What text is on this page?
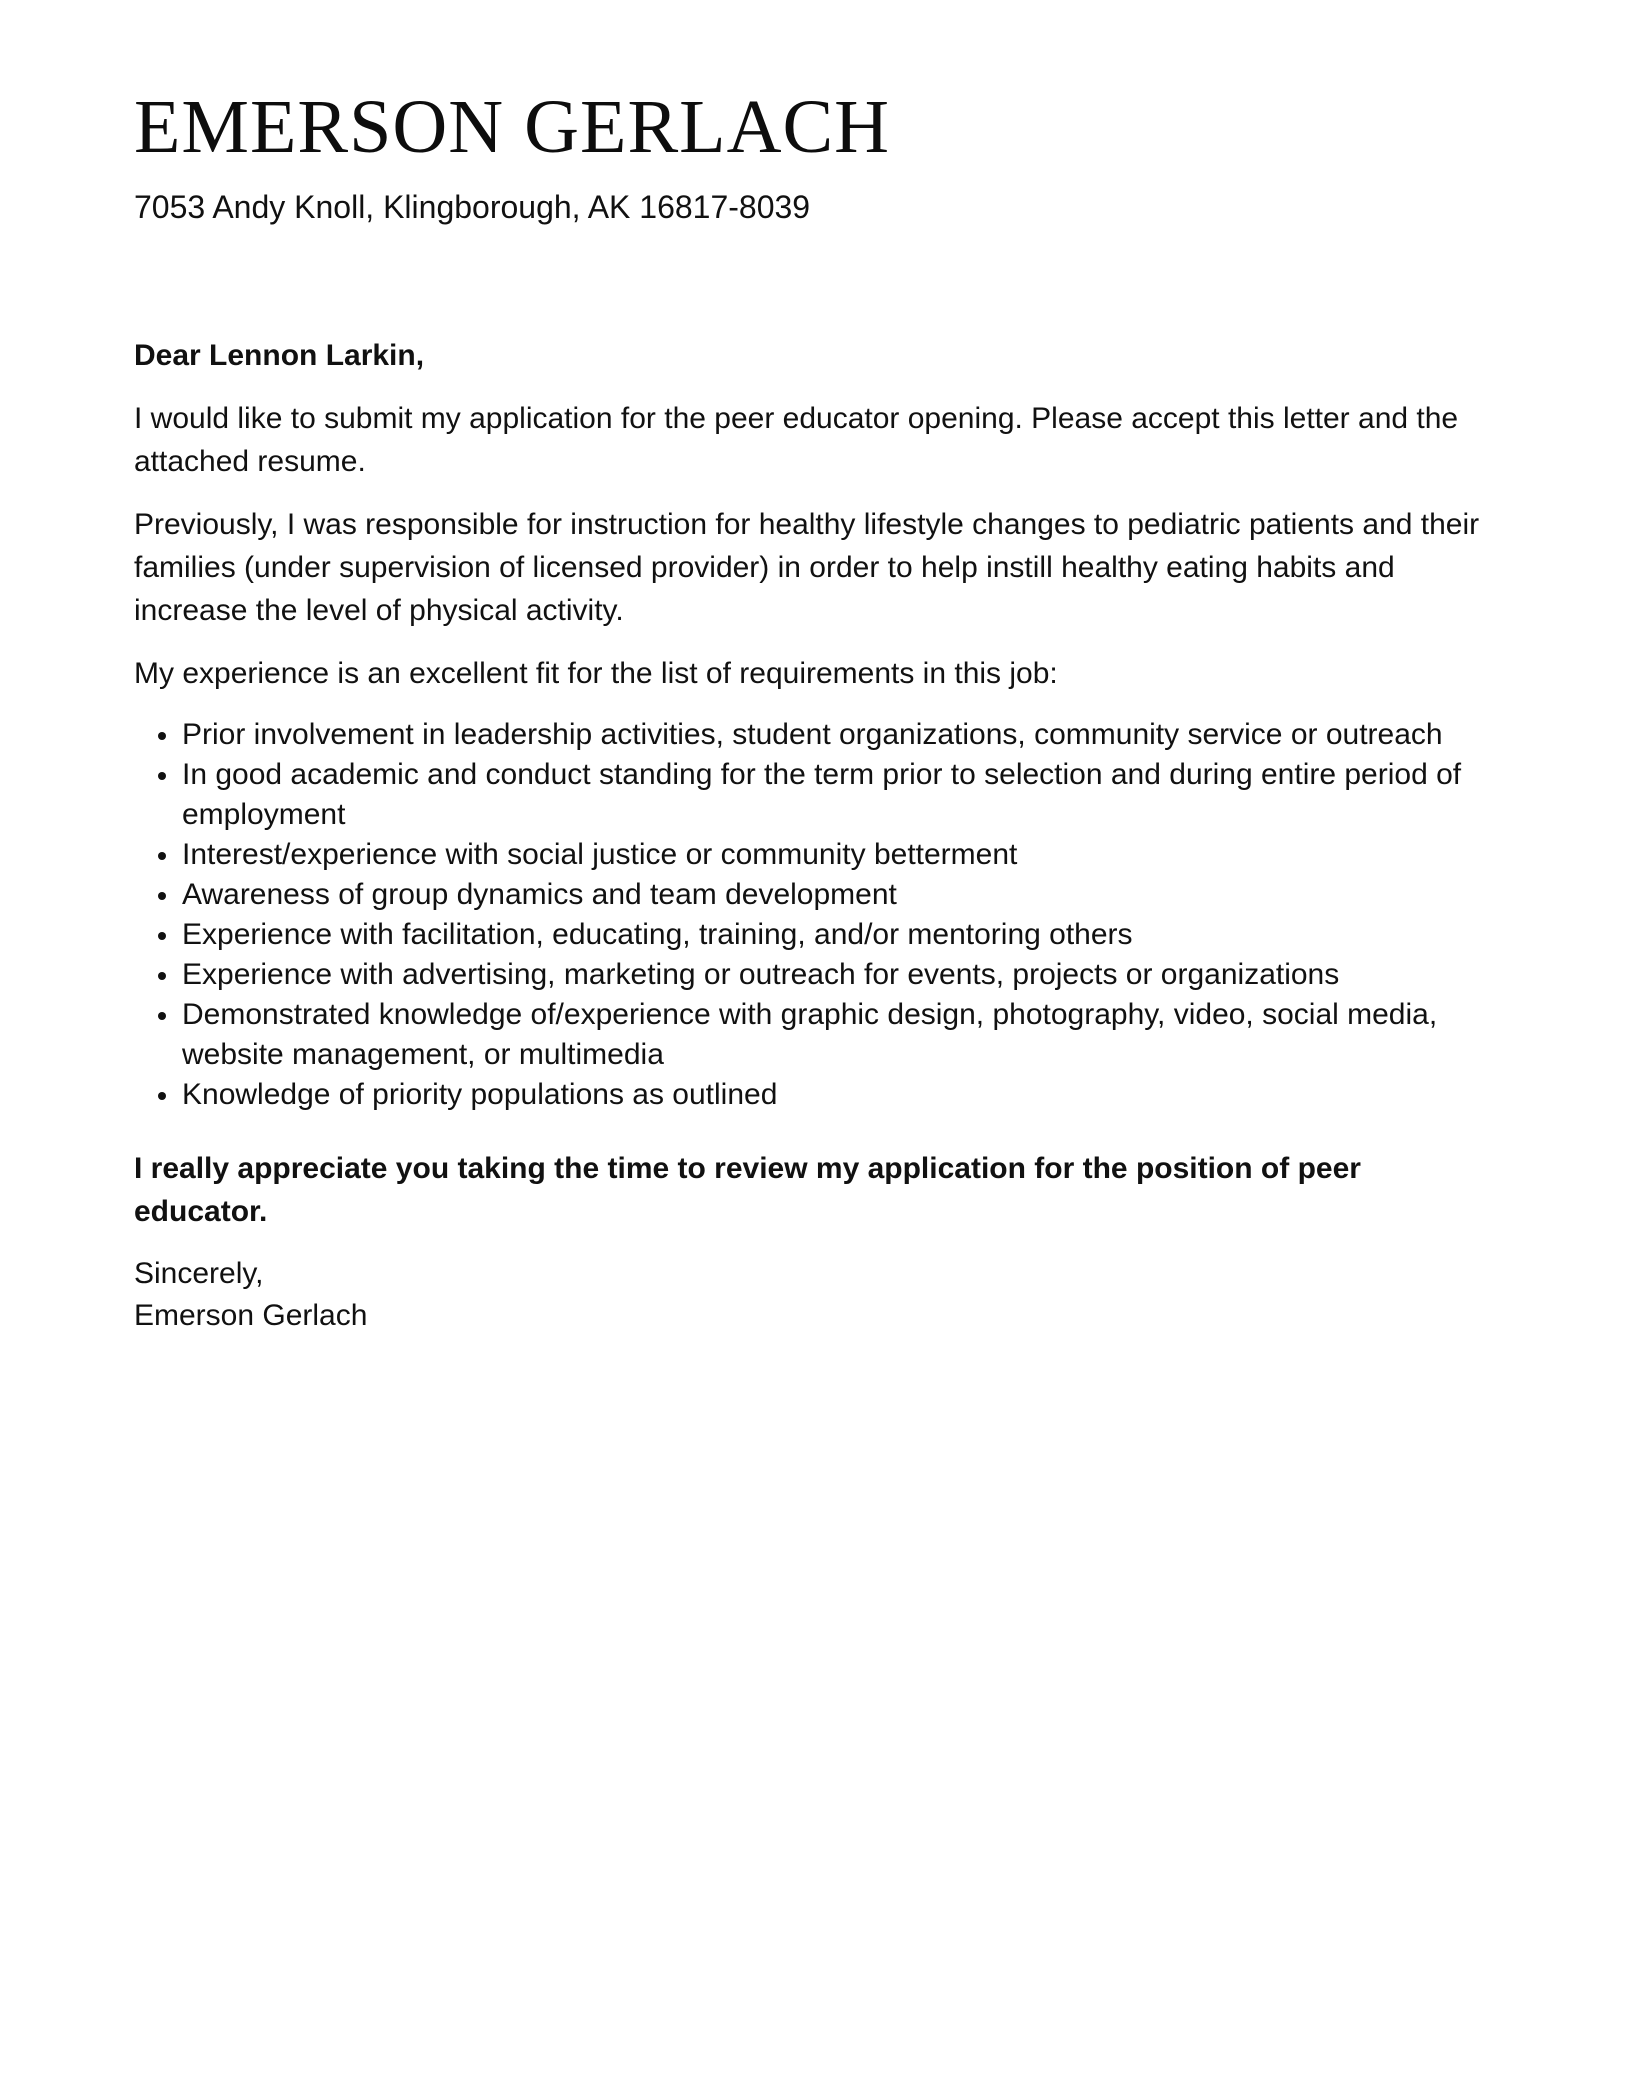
EMERSON GERLACH
7053 Andy Knoll, Klingborough, AK 16817-8039

Dear Lennon Larkin,

I would like to submit my application for the peer educator opening. Please accept this letter and the attached resume.

Previously, I was responsible for instruction for healthy lifestyle changes to pediatric patients and their families (under supervision of licensed provider) in order to help instill healthy eating habits and increase the level of physical activity.

My experience is an excellent fit for the list of requirements in this job:

Prior involvement in leadership activities, student organizations, community service or outreach
In good academic and conduct standing for the term prior to selection and during entire period of employment
Interest/experience with social justice or community betterment
Awareness of group dynamics and team development
Experience with facilitation, educating, training, and/or mentoring others
Experience with advertising, marketing or outreach for events, projects or organizations
Demonstrated knowledge of/experience with graphic design, photography, video, social media, website management, or multimedia
Knowledge of priority populations as outlined

I really appreciate you taking the time to review my application for the position of peer educator.

Sincerely,
Emerson Gerlach
